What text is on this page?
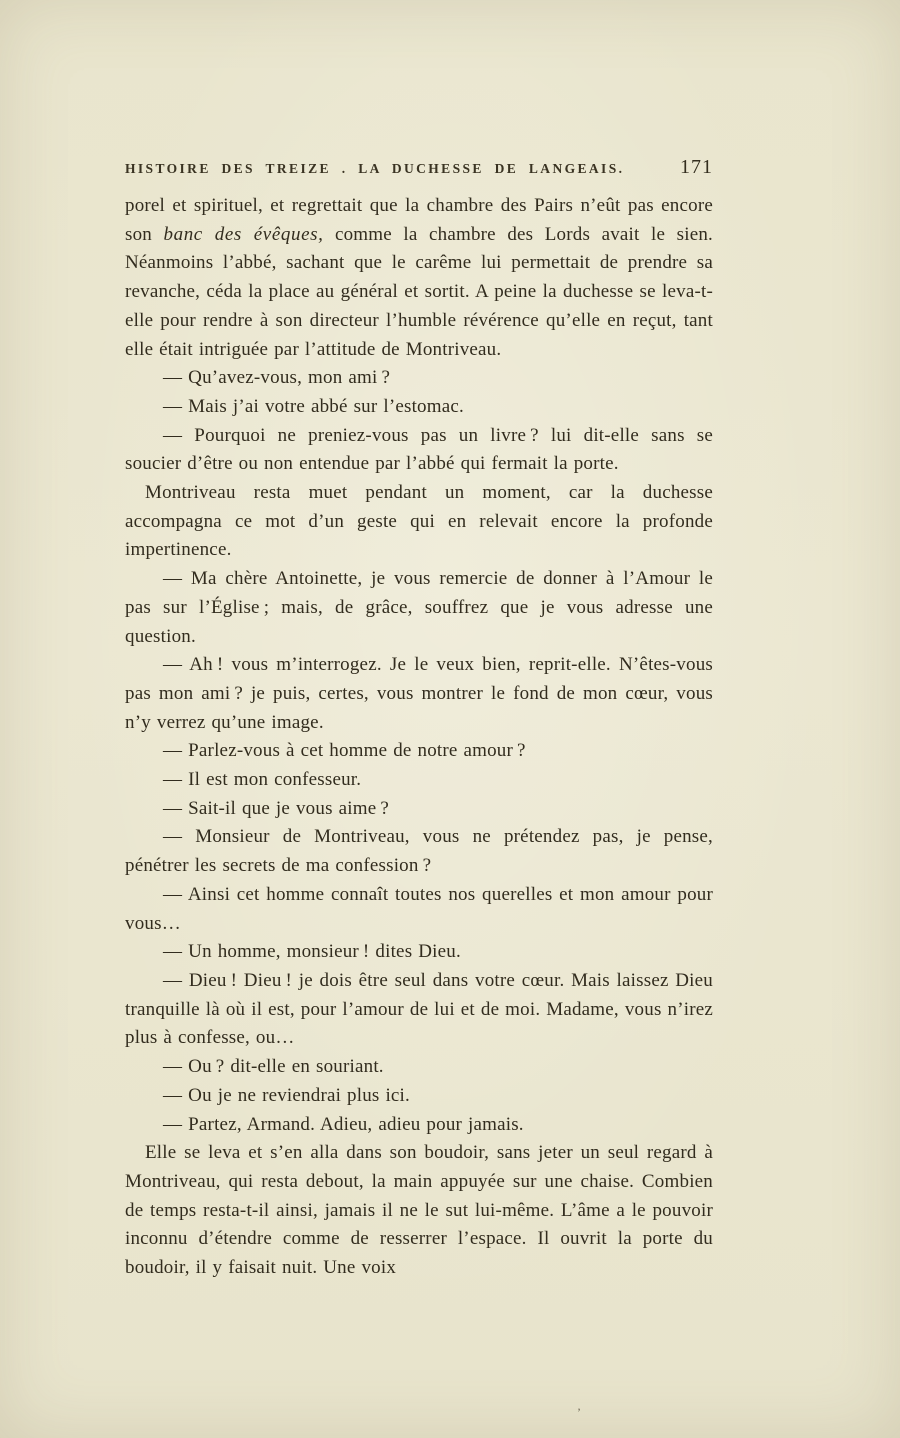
HISTOIRE DES TREIZE . LA DUCHESSE DE LANGEAIS.	171

porel et spirituel, et regrettait que la chambre des Pairs n’eût pas encore son banc des évêques, comme la chambre des Lords avait le sien. Néanmoins l’abbé, sachant que le carême lui permettait de prendre sa revanche, céda la place au général et sortit. A peine la duchesse se leva-t-elle pour rendre à son directeur l’humble révérence qu’elle en reçut, tant elle était intriguée par l’attitude de Montriveau.

— Qu’avez-vous, mon ami ?

— Mais j’ai votre abbé sur l’estomac.

— Pourquoi ne preniez-vous pas un livre ? lui dit-elle sans se soucier d’être ou non entendue par l’abbé qui fermait la porte.

Montriveau resta muet pendant un moment, car la duchesse accompagna ce mot d’un geste qui en relevait encore la profonde impertinence.

— Ma chère Antoinette, je vous remercie de donner à l’Amour le pas sur l’Église ; mais, de grâce, souffrez que je vous adresse une question.

— Ah ! vous m’interrogez. Je le veux bien, reprit-elle. N’êtes-vous pas mon ami ? je puis, certes, vous montrer le fond de mon cœur, vous n’y verrez qu’une image.

— Parlez-vous à cet homme de notre amour ?

— Il est mon confesseur.

— Sait-il que je vous aime ?

— Monsieur de Montriveau, vous ne prétendez pas, je pense, pénétrer les secrets de ma confession ?

— Ainsi cet homme connaît toutes nos querelles et mon amour pour vous…

— Un homme, monsieur ! dites Dieu.

— Dieu ! Dieu ! je dois être seul dans votre cœur. Mais laissez Dieu tranquille là où il est, pour l’amour de lui et de moi. Madame, vous n’irez plus à confesse, ou…

— Ou ? dit-elle en souriant.

— Ou je ne reviendrai plus ici.

— Partez, Armand. Adieu, adieu pour jamais.

Elle se leva et s’en alla dans son boudoir, sans jeter un seul regard à Montriveau, qui resta debout, la main appuyée sur une chaise. Combien de temps resta-t-il ainsi, jamais il ne le sut lui-même. L’âme a le pouvoir inconnu d’étendre comme de resserrer l’espace. Il ouvrit la porte du boudoir, il y faisait nuit. Une voix

’
